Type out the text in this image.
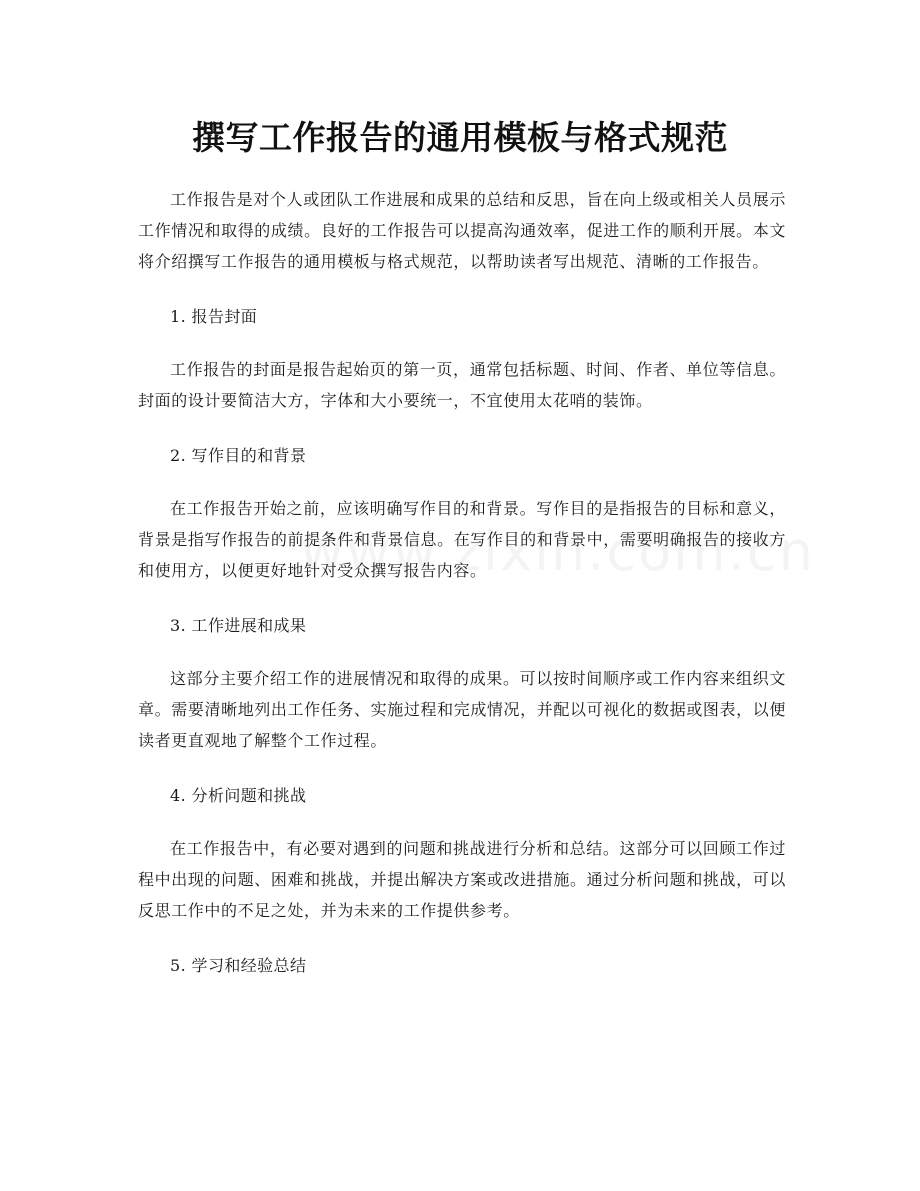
撰写工作报告的通用模板与格式规范

工作报告是对个人或团队工作进展和成果的总结和反思，旨在向上级或相关人员展示工作情况和取得的成绩。良好的工作报告可以提高沟通效率，促进工作的顺利开展。本文将介绍撰写工作报告的通用模板与格式规范，以帮助读者写出规范、清晰的工作报告。

1. 报告封面

工作报告的封面是报告起始页的第一页，通常包括标题、时间、作者、单位等信息。封面的设计要简洁大方，字体和大小要统一，不宜使用太花哨的装饰。

2. 写作目的和背景

在工作报告开始之前，应该明确写作目的和背景。写作目的是指报告的目标和意义，背景是指写作报告的前提条件和背景信息。在写作目的和背景中，需要明确报告的接收方和使用方，以便更好地针对受众撰写报告内容。

3. 工作进展和成果

这部分主要介绍工作的进展情况和取得的成果。可以按时间顺序或工作内容来组织文章。需要清晰地列出工作任务、实施过程和完成情况，并配以可视化的数据或图表，以便读者更直观地了解整个工作过程。

4. 分析问题和挑战

在工作报告中，有必要对遇到的问题和挑战进行分析和总结。这部分可以回顾工作过程中出现的问题、困难和挑战，并提出解决方案或改进措施。通过分析问题和挑战，可以反思工作中的不足之处，并为未来的工作提供参考。

5. 学习和经验总结
